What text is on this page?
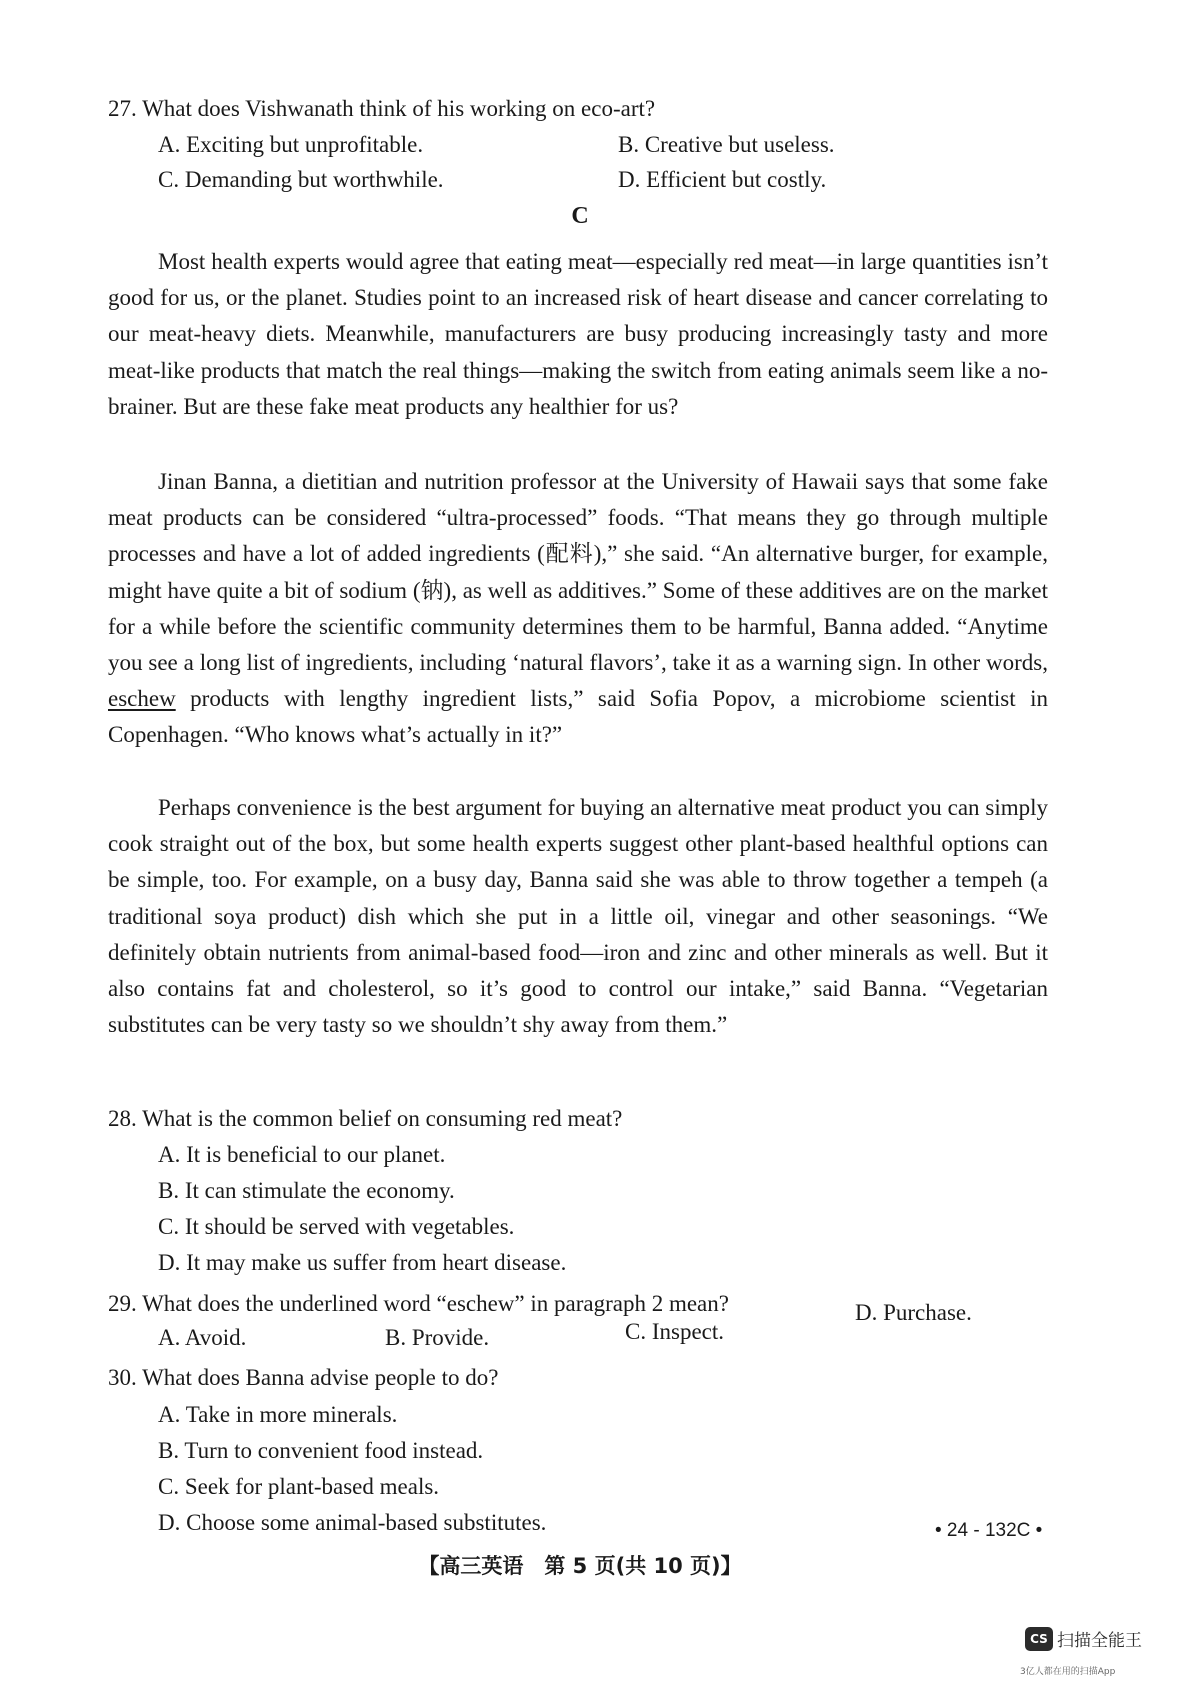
27. What does Vishwanath think of his working on eco-art?
A. Exciting but unprofitable.	B. Creative but useless.
C. Demanding but worthwhile.	D. Efficient but costly.
C
Most health experts would agree that eating meat—especially red meat—in large quantities isn’t good for us, or the planet. Studies point to an increased risk of heart disease and cancer correlating to our meat-heavy diets. Meanwhile, manufacturers are busy producing increasingly tasty and more meat-like products that match the real things—making the switch from eating animals seem like a no-brainer. But are these fake meat products any healthier for us?
Jinan Banna, a dietitian and nutrition professor at the University of Hawaii says that some fake meat products can be considered “ultra-processed” foods. “That means they go through multiple processes and have a lot of added ingredients (配料),” she said. “An alternative burger, for example, might have quite a bit of sodium (钠), as well as additives.” Some of these additives are on the market for a while before the scientific community determines them to be harmful, Banna added. “Anytime you see a long list of ingredients, including ‘natural flavors’, take it as a warning sign. In other words, eschew products with lengthy ingredient lists,” said Sofia Popov, a microbiome scientist in Copenhagen. “Who knows what’s actually in it?”
Perhaps convenience is the best argument for buying an alternative meat product you can simply cook straight out of the box, but some health experts suggest other plant-based healthful options can be simple, too. For example, on a busy day, Banna said she was able to throw together a tempeh (a traditional soya product) dish which she put in a little oil, vinegar and other seasonings. “We definitely obtain nutrients from animal-based food—iron and zinc and other minerals as well. But it also contains fat and cholesterol, so it’s good to control our intake,” said Banna. “Vegetarian substitutes can be very tasty so we shouldn’t shy away from them.”
28. What is the common belief on consuming red meat?
A. It is beneficial to our planet.
B. It can stimulate the economy.
C. It should be served with vegetables.
D. It may make us suffer from heart disease.
29. What does the underlined word “eschew” in paragraph 2 mean?
A. Avoid.	B. Provide.	C. Inspect.
D. Purchase.
30. What does Banna advise people to do?
A. Take in more minerals.
B. Turn to convenient food instead.
C. Seek for plant-based meals.
D. Choose some animal-based substitutes.	• 24 - 132C •
【高三英语　第 5 页(共 10 页)】
CS 扫描全能王
3亿人都在用的扫描App
